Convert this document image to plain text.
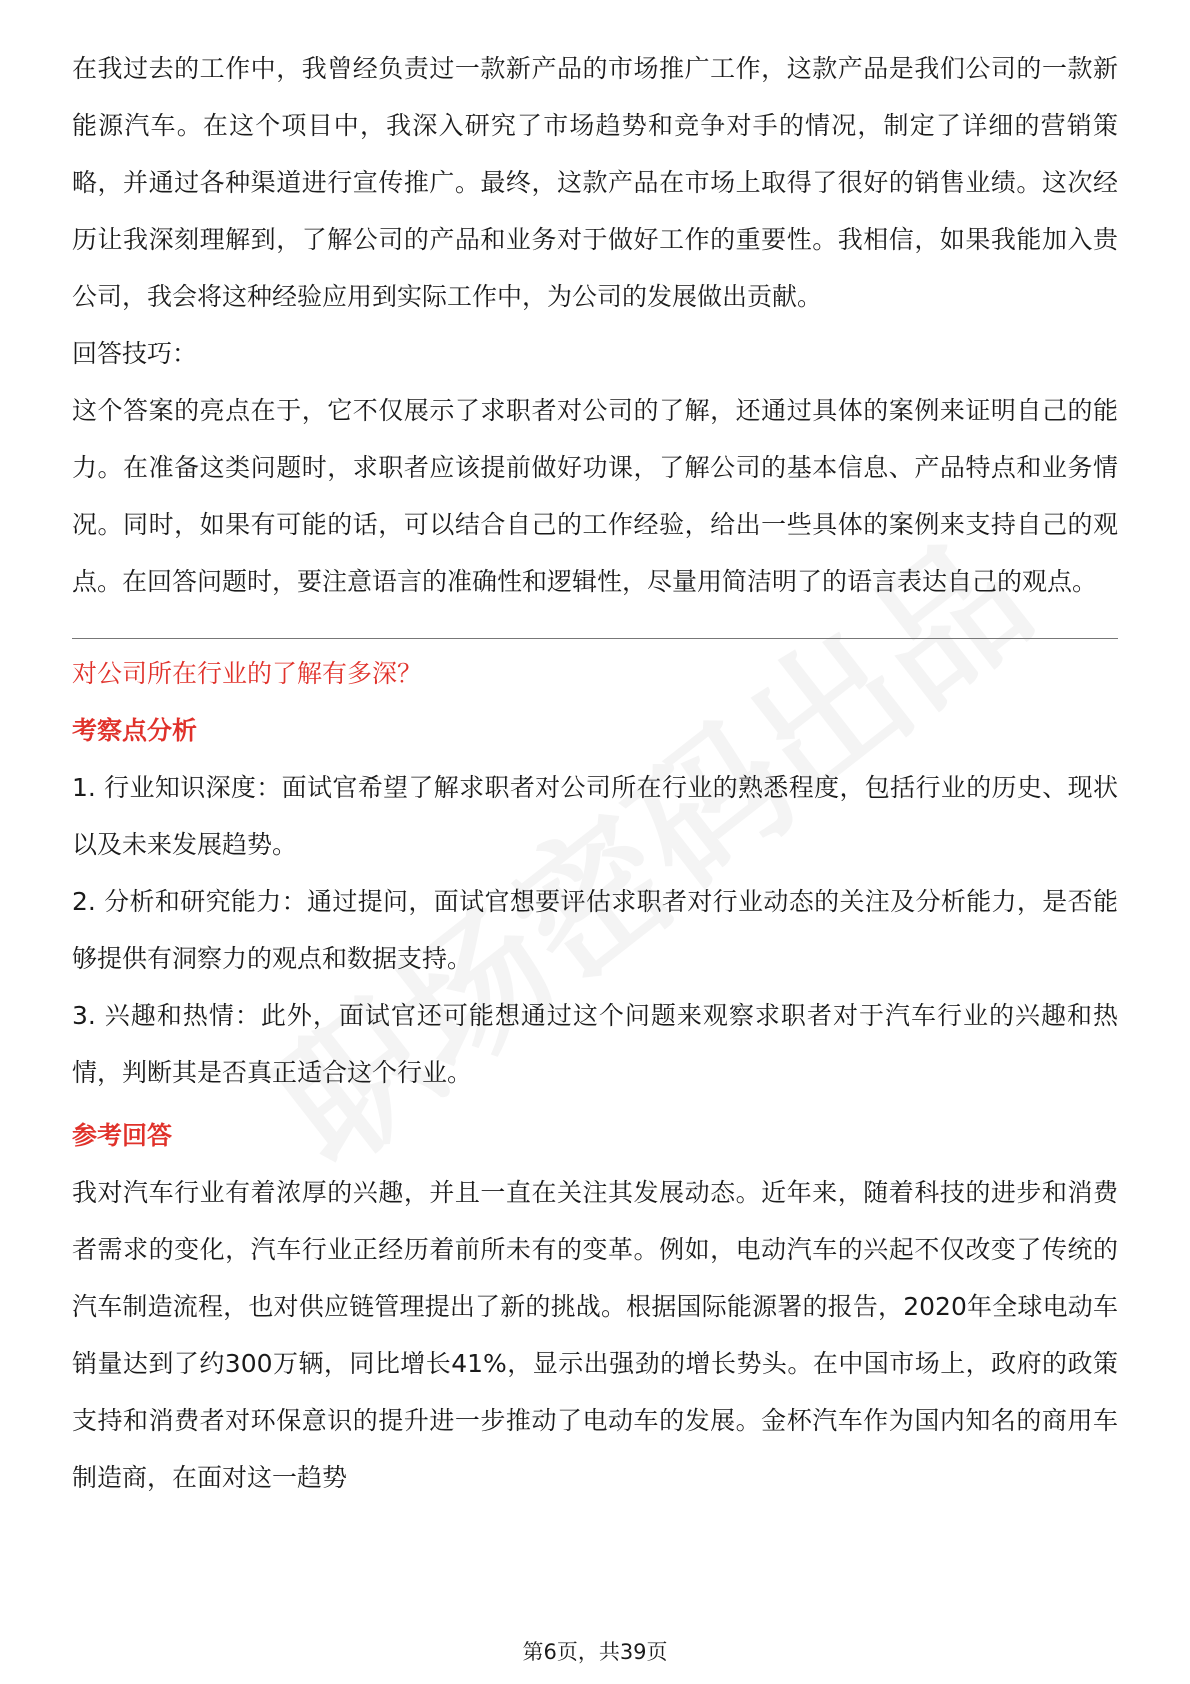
在我过去的工作中，我曾经负责过一款新产品的市场推广工作，这款产品是我们公司的一款新能源汽车。在这个项目中，我深入研究了市场趋势和竞争对手的情况，制定了详细的营销策略，并通过各种渠道进行宣传推广。最终，这款产品在市场上取得了很好的销售业绩。这次经历让我深刻理解到，了解公司的产品和业务对于做好工作的重要性。我相信，如果我能加入贵公司，我会将这种经验应用到实际工作中，为公司的发展做出贡献。

回答技巧：

这个答案的亮点在于，它不仅展示了求职者对公司的了解，还通过具体的案例来证明自己的能力。在准备这类问题时，求职者应该提前做好功课，了解公司的基本信息、产品特点和业务情况。同时，如果有可能的话，可以结合自己的工作经验，给出一些具体的案例来支持自己的观点。在回答问题时，要注意语言的准确性和逻辑性，尽量用简洁明了的语言表达自己的观点。

对公司所在行业的了解有多深？
考察点分析

1. 行业知识深度：面试官希望了解求职者对公司所在行业的熟悉程度，包括行业的历史、现状以及未来发展趋势。

2. 分析和研究能力：通过提问，面试官想要评估求职者对行业动态的关注及分析能力，是否能够提供有洞察力的观点和数据支持。

3. 兴趣和热情：此外，面试官还可能想通过这个问题来观察求职者对于汽车行业的兴趣和热情，判断其是否真正适合这个行业。

参考回答

我对汽车行业有着浓厚的兴趣，并且一直在关注其发展动态。近年来，随着科技的进步和消费者需求的变化，汽车行业正经历着前所未有的变革。例如，电动汽车的兴起不仅改变了传统的汽车制造流程，也对供应链管理提出了新的挑战。根据国际能源署的报告，2020年全球电动车销量达到了约300万辆，同比增长41%，显示出强劲的增长势头。在中国市场上，政府的政策支持和消费者对环保意识的提升进一步推动了电动车的发展。金杯汽车作为国内知名的商用车制造商，在面对这一趋势

第6页，共39页
